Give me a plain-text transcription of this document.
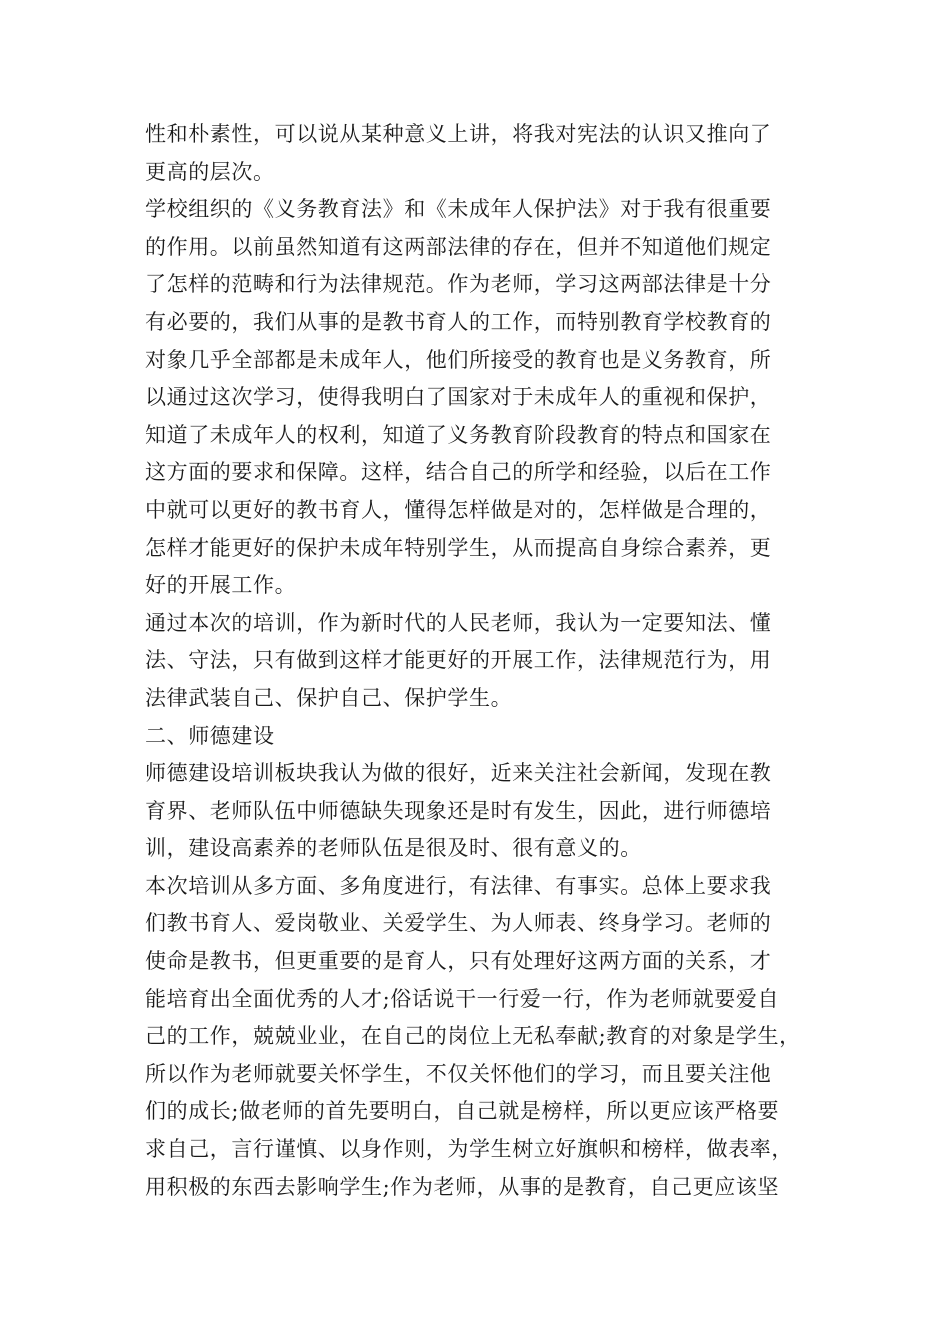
性和朴素性，可以说从某种意义上讲，将我对宪法的认识又推向了
更高的层次。
学校组织的《义务教育法》和《未成年人保护法》对于我有很重要
的作用。以前虽然知道有这两部法律的存在，但并不知道他们规定
了怎样的范畴和行为法律规范。作为老师，学习这两部法律是十分
有必要的，我们从事的是教书育人的工作，而特别教育学校教育的
对象几乎全部都是未成年人，他们所接受的教育也是义务教育，所
以通过这次学习，使得我明白了国家对于未成年人的重视和保护，
知道了未成年人的权利，知道了义务教育阶段教育的特点和国家在
这方面的要求和保障。这样，结合自己的所学和经验，以后在工作
中就可以更好的教书育人，懂得怎样做是对的，怎样做是合理的，
怎样才能更好的保护未成年特别学生，从而提高自身综合素养，更
好的开展工作。
通过本次的培训，作为新时代的人民老师，我认为一定要知法、懂
法、守法，只有做到这样才能更好的开展工作，法律规范行为，用
法律武装自己、保护自己、保护学生。
二、师德建设
师德建设培训板块我认为做的很好，近来关注社会新闻，发现在教
育界、老师队伍中师德缺失现象还是时有发生，因此，进行师德培
训，建设高素养的老师队伍是很及时、很有意义的。
本次培训从多方面、多角度进行，有法律、有事实。总体上要求我
们教书育人、爱岗敬业、关爱学生、为人师表、终身学习。老师的
使命是教书，但更重要的是育人，只有处理好这两方面的关系，才
能培育出全面优秀的人才;俗话说干一行爱一行，作为老师就要爱自
己的工作，兢兢业业，在自己的岗位上无私奉献;教育的对象是学生，
所以作为老师就要关怀学生，不仅关怀他们的学习，而且要关注他
们的成长;做老师的首先要明白，自己就是榜样，所以更应该严格要
求自己，言行谨慎、以身作则，为学生树立好旗帜和榜样，做表率，
用积极的东西去影响学生;作为老师，从事的是教育，自己更应该坚
